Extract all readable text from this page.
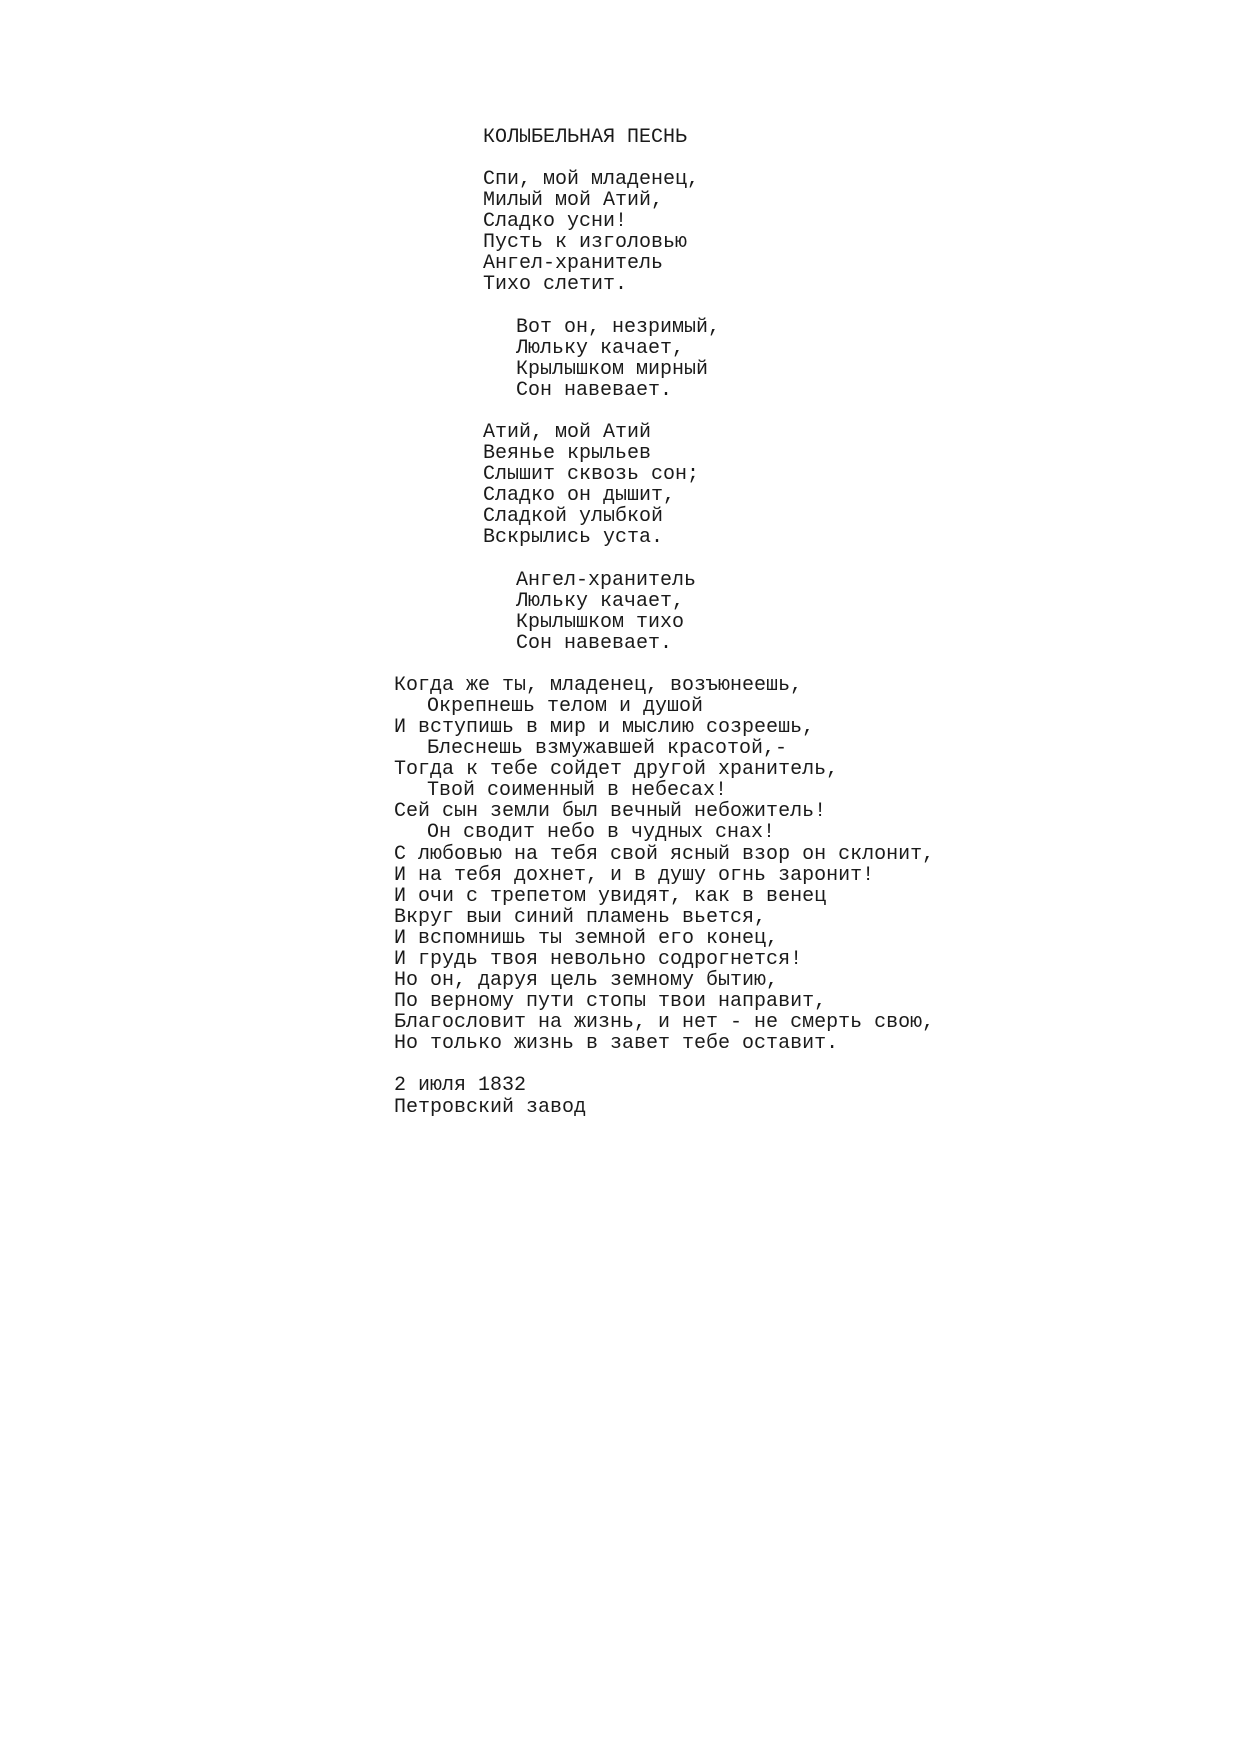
КОЛЫБЕЛЬНАЯ ПЕСНЬ
Спи, мой младенец,
Милый мой Атий,
Сладко усни!
Пусть к изголовью
Ангел-хранитель
Тихо слетит.
Вот он, незримый,
Люльку качает,
Крылышком мирный
Сон навевает.
Атий, мой Атий
Веянье крыльев
Слышит сквозь сон;
Сладко он дышит,
Сладкой улыбкой
Вскрылись уста.
Ангел-хранитель
Люльку качает,
Крылышком тихо
Сон навевает.
Когда же ты, младенец, возъюнеешь,
Окрепнешь телом и душой
И вступишь в мир и мыслию созреешь,
Блеснешь взмужавшей красотой,-
Тогда к тебе сойдет другой хранитель,
Твой соименный в небесах!
Сей сын земли был вечный небожитель!
Он сводит небо в чудных снах!
С любовью на тебя свой ясный взор он склонит,
И на тебя дохнет, и в душу огнь заронит!
И очи с трепетом увидят, как в венец
Вкруг выи синий пламень вьется,
И вспомнишь ты земной его конец,
И грудь твоя невольно содрогнется!
Но он, даруя цель земному бытию,
По верному пути стопы твои направит,
Благословит на жизнь, и нет - не смерть свою,
Но только жизнь в завет тебе оставит.
2 июля 1832
Петровский завод
